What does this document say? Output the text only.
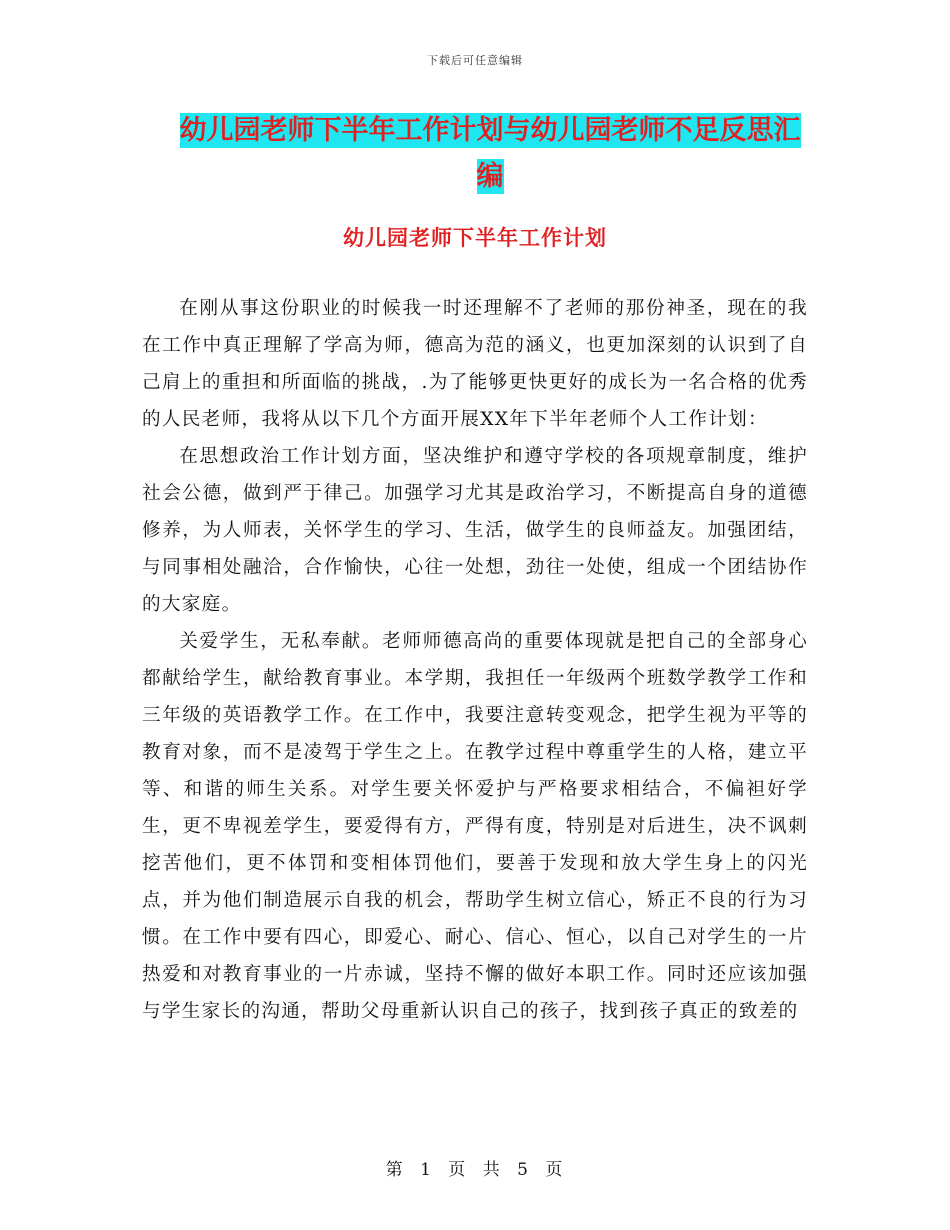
下载后可任意编辑
幼儿园老师下半年工作计划与幼儿园老师不足反思汇
编
幼儿园老师下半年工作计划

在刚从事这份职业的时候我一时还理解不了老师的那份神圣，现在的我在工作中真正理解了学高为师，德高为范的涵义，也更加深刻的认识到了自己肩上的重担和所面临的挑战，.为了能够更快更好的成长为一名合格的优秀的人民老师，我将从以下几个方面开展XX年下半年老师个人工作计划：

在思想政治工作计划方面，坚决维护和遵守学校的各项规章制度，维护社会公德，做到严于律己。加强学习尤其是政治学习，不断提高自身的道德修养，为人师表，关怀学生的学习、生活，做学生的良师益友。加强团结，与同事相处融洽，合作愉快，心往一处想，劲往一处使，组成一个团结协作的大家庭。

关爱学生，无私奉献。老师师德高尚的重要体现就是把自己的全部身心都献给学生，献给教育事业。本学期，我担任一年级两个班数学教学工作和三年级的英语教学工作。在工作中，我要注意转变观念，把学生视为平等的教育对象，而不是凌驾于学生之上。在教学过程中尊重学生的人格，建立平等、和谐的师生关系。对学生要关怀爱护与严格要求相结合，不偏袒好学生，更不卑视差学生，要爱得有方，严得有度，特别是对后进生，决不讽刺挖苦他们，更不体罚和变相体罚他们，要善于发现和放大学生身上的闪光点，并为他们制造展示自我的机会，帮助学生树立信心，矫正不良的行为习惯。在工作中要有四心，即爱心、耐心、信心、恒心，以自己对学生的一片热爱和对教育事业的一片赤诚，坚持不懈的做好本职工作。同时还应该加强与学生家长的沟通，帮助父母重新认识自己的孩子，找到孩子真正的致差的

第 1 页 共 5 页
